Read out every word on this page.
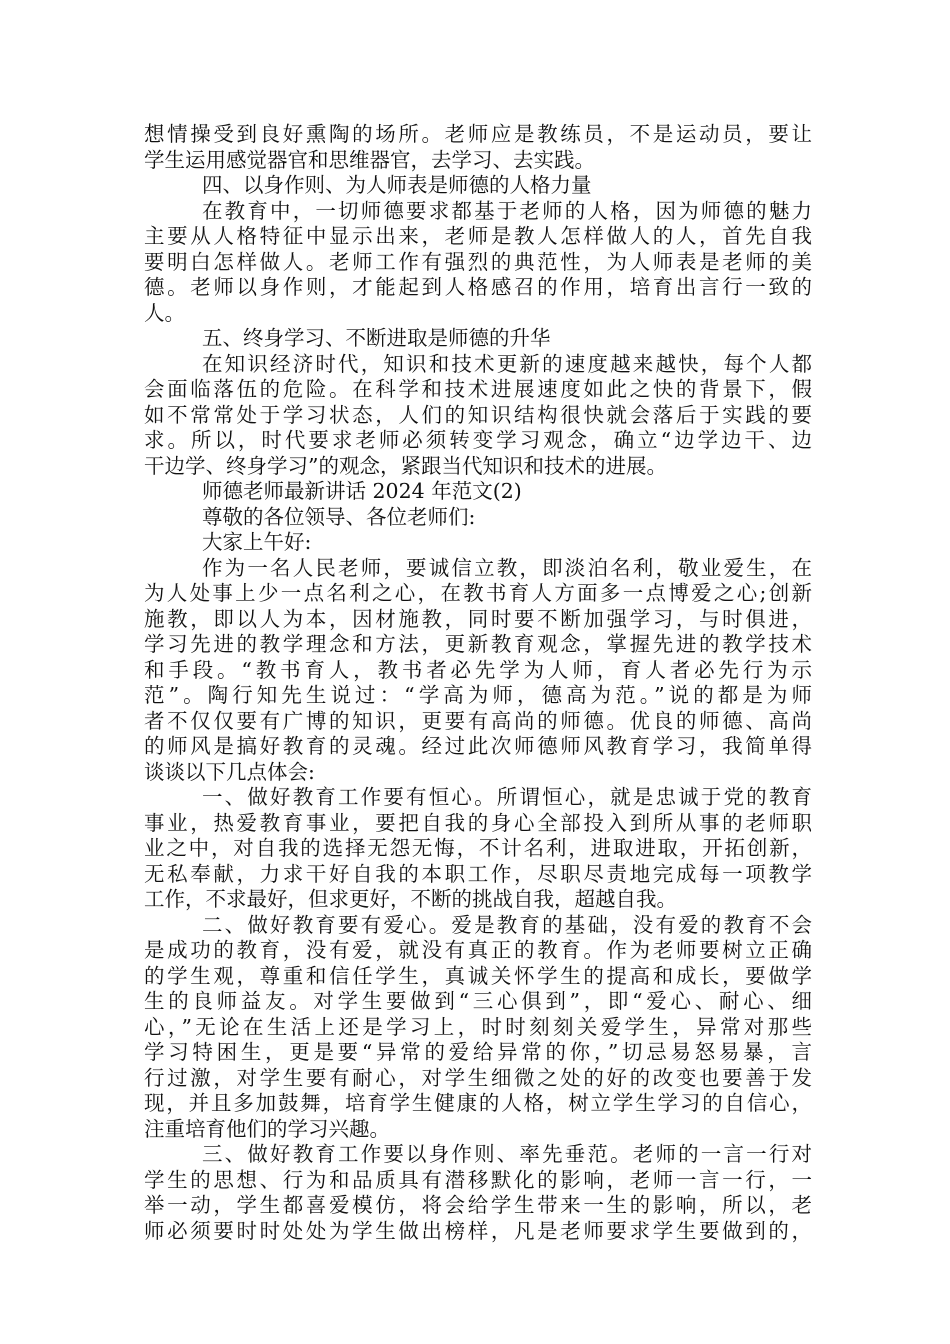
想情操受到良好熏陶的场所。老师应是教练员，不是运动员，要让
学生运用感觉器官和思维器官，去学习、去实践。
四、以身作则、为人师表是师德的人格力量
在教育中，一切师德要求都基于老师的人格，因为师德的魅力
主要从人格特征中显示出来，老师是教人怎样做人的人，首先自我
要明白怎样做人。老师工作有强烈的典范性，为人师表是老师的美
德。老师以身作则，才能起到人格感召的作用，培育出言行一致的
人。
五、终身学习、不断进取是师德的升华
在知识经济时代，知识和技术更新的速度越来越快，每个人都
会面临落伍的危险。在科学和技术进展速度如此之快的背景下，假
如不常常处于学习状态，人们的知识结构很快就会落后于实践的要
求。所以，时代要求老师必须转变学习观念，确立“边学边干、边
干边学、终身学习”的观念，紧跟当代知识和技术的进展。
师德老师最新讲话 2024 年范文(2)
尊敬的各位领导、各位老师们:
大家上午好:
作为一名人民老师，要诚信立教，即淡泊名利，敬业爱生，在
为人处事上少一点名利之心，在教书育人方面多一点博爱之心;创新
施教，即以人为本，因材施教，同时要不断加强学习，与时俱进，
学习先进的教学理念和方法，更新教育观念，掌握先进的教学技术
和手段。“教书育人，教书者必先学为人师，育人者必先行为示
范”。陶行知先生说过：“学高为师，德高为范。”说的都是为师
者不仅仅要有广博的知识，更要有高尚的师德。优良的师德、高尚
的师风是搞好教育的灵魂。经过此次师德师风教育学习，我简单得
谈谈以下几点体会:
一、做好教育工作要有恒心。所谓恒心，就是忠诚于党的教育
事业，热爱教育事业，要把自我的身心全部投入到所从事的老师职
业之中，对自我的选择无怨无悔，不计名利，进取进取，开拓创新，
无私奉献，力求干好自我的本职工作，尽职尽责地完成每一项教学
工作，不求最好，但求更好，不断的挑战自我，超越自我。
二、做好教育要有爱心。爱是教育的基础，没有爱的教育不会
是成功的教育，没有爱，就没有真正的教育。作为老师要树立正确
的学生观，尊重和信任学生，真诚关怀学生的提高和成长，要做学
生的良师益友。对学生要做到“三心俱到”，即“爱心、耐心、细
心，”无论在生活上还是学习上，时时刻刻关爱学生，异常对那些
学习特困生，更是要“异常的爱给异常的你，”切忌易怒易暴，言
行过激，对学生要有耐心，对学生细微之处的好的改变也要善于发
现，并且多加鼓舞，培育学生健康的人格，树立学生学习的自信心，
注重培育他们的学习兴趣。
三、做好教育工作要以身作则、率先垂范。老师的一言一行对
学生的思想、行为和品质具有潜移默化的影响，老师一言一行，一
举一动，学生都喜爱模仿，将会给学生带来一生的影响，所以，老
师必须要时时处处为学生做出榜样，凡是老师要求学生要做到的，
